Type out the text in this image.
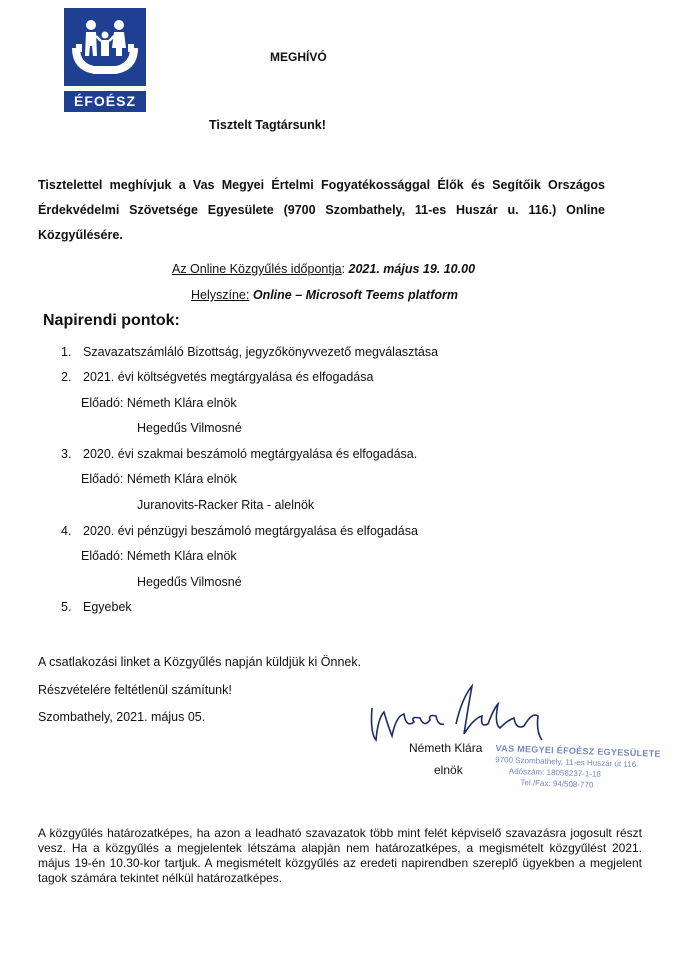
ÉFOÉSZ
MEGHÍVÓ
Tisztelt Tagtársunk!
Tisztelettel meghívjuk a Vas Megyei Értelmi Fogyatékossággal Élők és Segítőik Országos Érdekvédelmi Szövetsége Egyesülete (9700 Szombathely, 11-es Huszár u. 116.) Online Közgyűlésére.
Az Online Közgyűlés időpontja: 2021. május 19. 10.00
Helyszíne: Online – Microsoft Teems platform
Napirendi pontok:
1. Szavazatszámláló Bizottság, jegyzőkönyvvezető megválasztása
2. 2021. évi költségvetés megtárgyalása és elfogadása
Előadó: Németh Klára elnök
Hegedűs Vilmosné
3. 2020. évi szakmai beszámoló megtárgyalása és elfogadása.
Előadó: Németh Klára elnök
Juranovits-Racker Rita - alelnök
4. 2020. évi pénzügyi beszámoló megtárgyalása és elfogadása
Előadó: Németh Klára elnök
Hegedűs Vilmosné
5. Egyebek
A csatlakozási linket a Közgyűlés napján küldjük ki Önnek.
Részvételére feltétlenül számítunk!
Szombathely, 2021. május 05.
Németh Klára
elnök
VAS MEGYEI ÉFOÉSZ EGYESÜLETE
9700 Szombathely, 11-es Huszár út 116.
Adószám: 18058237-1-18
Tel./Fax: 94/508-770
A közgyűlés határozatképes, ha azon a leadható szavazatok több mint felét képviselő szavazásra jogosult részt vesz. Ha a közgyűlés a megjelentek létszáma alapján nem határozatképes, a megismételt közgyűlést 2021. május 19-én 10.30-kor tartjuk. A megismételt közgyűlés az eredeti napirendben szereplő ügyekben a megjelent tagok számára tekintet nélkül határozatképes.
